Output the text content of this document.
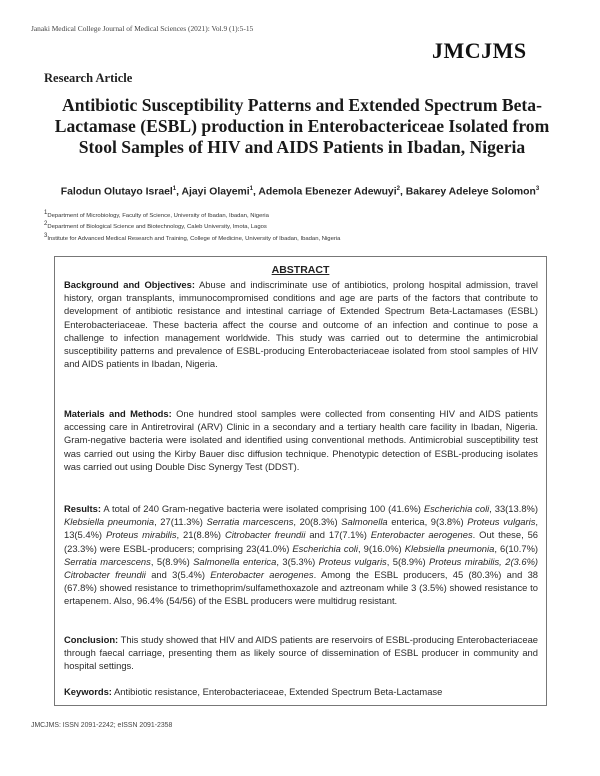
Janaki Medical College Journal of Medical Sciences (2021): Vol.9 (1):5-15
JMCJMS
Research Article
Antibiotic Susceptibility Patterns and Extended Spectrum Beta-Lactamase (ESBL) production in Enterobactericeae Isolated from Stool Samples of HIV and AIDS Patients in Ibadan, Nigeria
Falodun Olutayo Israel$^1$, Ajayi Olayemi$^1$, Ademola Ebenezer Adewuyi$^2$, Bakarey Adeleye Solomon$^3$
$^1$Department of Microbiology, Faculty of Science, University of Ibadan, Ibadan, Nigeria
$^2$Department of Biological Science and Biotechnology, Caleb University, Imota, Lagos
$^3$Institute for Advanced Medical Research and Training, College of Medicine, University of Ibadan, Ibadan, Nigeria
ABSTRACT
Background and Objectives: Abuse and indiscriminate use of antibiotics, prolong hospital admission, travel history, organ transplants, immunocompromised conditions and age are parts of the factors that contribute to development of antibiotic resistance and intestinal carriage of Extended Spectrum Beta-Lactamases (ESBL) Enterobacteriaceae. These bacteria affect the course and outcome of an infection and continue to pose a challenge to infection management worldwide. This study was carried out to determine the antimicrobial susceptibility patterns and prevalence of ESBL-producing Enterobacteriaceae isolated from stool samples of HIV and AIDS patients in Ibadan, Nigeria.
Materials and Methods: One hundred stool samples were collected from consenting HIV and AIDS patients accessing care in Antiretroviral (ARV) Clinic in a secondary and a tertiary health care facility in Ibadan, Nigeria. Gram-negative bacteria were isolated and identified using conventional methods. Antimicrobial susceptibility test was carried out using the Kirby Bauer disc diffusion technique. Phenotypic detection of ESBL-producing isolates was carried out using Double Disc Synergy Test (DDST).
Results: A total of 240 Gram-negative bacteria were isolated comprising 100 (41.6%) Escherichia coli, 33(13.8%) Klebsiella pneumonia, 27(11.3%) Serratia marcescens, 20(8.3%) Salmonella enterica, 9(3.8%) Proteus vulgaris, 13(5.4%) Proteus mirabilis, 21(8.8%) Citrobacter freundii and 17(7.1%) Enterobacter aerogenes. Out these, 56 (23.3%) were ESBL-producers; comprising 23(41.0%) Escherichia coli, 9(16.0%) Klebsiella pneumonia, 6(10.7%) Serratia marcescens, 5(8.9%) Salmonella enterica, 3(5.3%) Proteus vulgaris, 5(8.9%) Proteus mirabilis, 2(3.6%) Citrobacter freundii and 3(5.4%) Enterobacter aerogenes. Among the ESBL producers, 45 (80.3%) and 38 (67.8%) showed resistance to trimethoprim/sulfamethoxazole and aztreonam while 3 (3.5%) showed resistance to ertapenem. Also, 96.4% (54/56) of the ESBL producers were multidrug resistant.
Conclusion: This study showed that HIV and AIDS patients are reservoirs of ESBL-producing Enterobacteriaceae through faecal carriage, presenting them as likely source of dissemination of ESBL producer in community and hospital settings.
Keywords: Antibiotic resistance, Enterobacteriaceae, Extended Spectrum Beta-Lactamase
JMCJMS: ISSN 2091-2242; eISSN 2091-2358
